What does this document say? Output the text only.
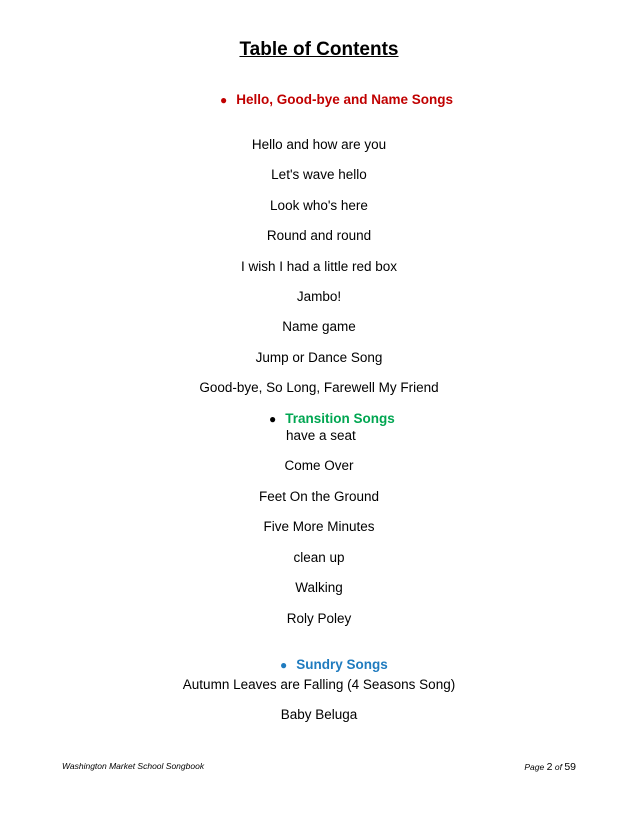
Table of Contents
● Hello, Good-bye and Name Songs
Hello and how are you
Let's wave hello
Look who's here
Round and round
I wish I had a little red box
Jambo!
Name game
Jump or Dance Song
Good-bye, So Long, Farewell My Friend
● Transition Songs
have a seat
Come Over
Feet On the Ground
Five More Minutes
clean up
Walking
Roly Poley
● Sundry Songs
Autumn Leaves are Falling (4 Seasons Song)
Baby Beluga
Washington Market School Songbook	Page 2 of 59
